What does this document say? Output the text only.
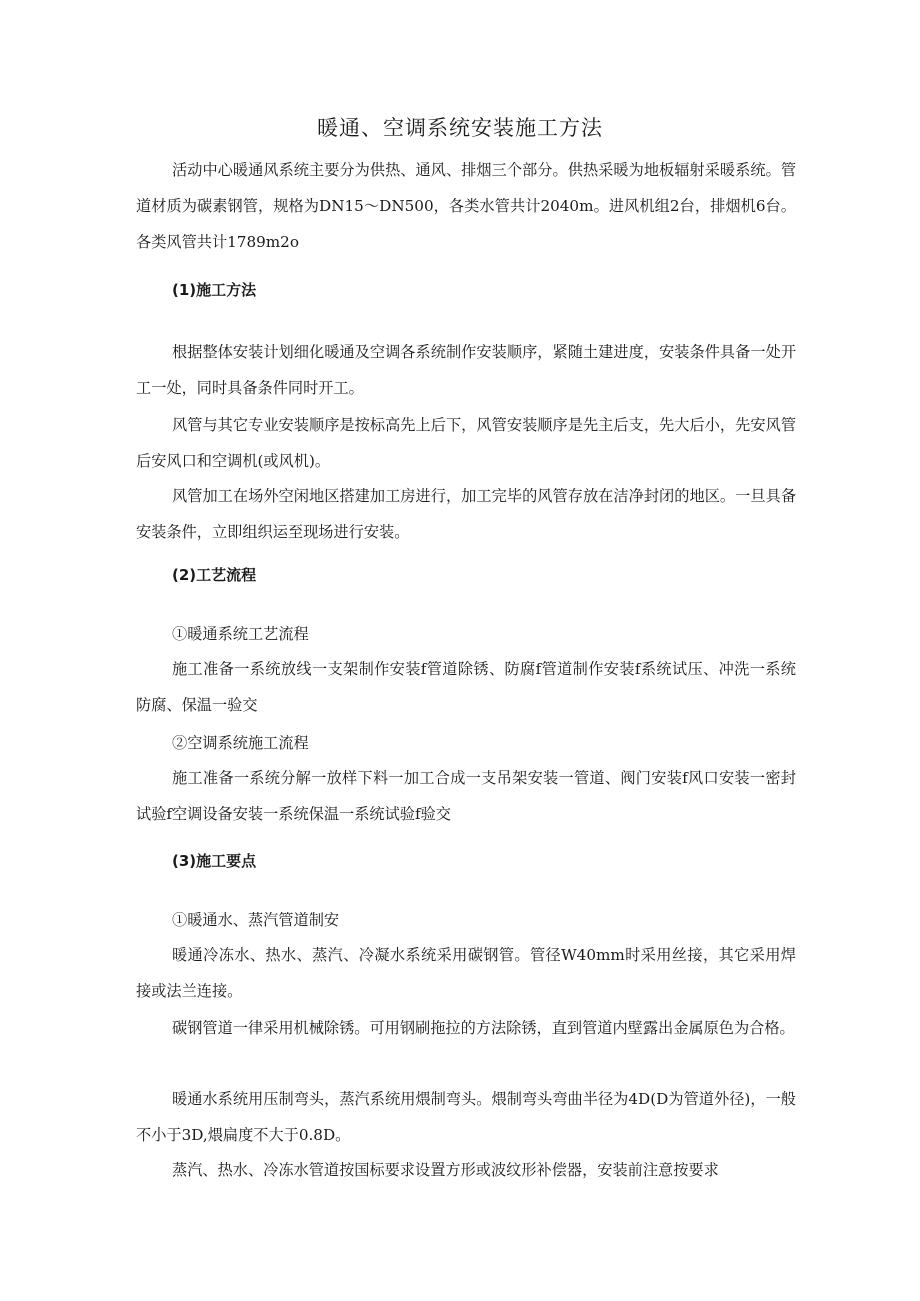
暖通、空调系统安装施工方法

活动中心暖通风系统主要分为供热、通风、排烟三个部分。供热采暖为地板辐射采暖系统。管道材质为碳素钢管，规格为DN15～DN500，各类水管共计2040m。进风机组2台，排烟机6台。各类风管共计1789m2o

(1)施工方法

根据整体安装计划细化暖通及空调各系统制作安装顺序，紧随土建进度，安装条件具备一处开工一处，同时具备条件同时开工。

风管与其它专业安装顺序是按标高先上后下，风管安装顺序是先主后支，先大后小，先安风管后安风口和空调机(或风机)。

风管加工在场外空闲地区搭建加工房进行，加工完毕的风管存放在洁净封闭的地区。一旦具备安装条件，立即组织运至现场进行安装。

(2)工艺流程
①暖通系统工艺流程

施工准备一系统放线一支架制作安装f管道除锈、防腐f管道制作安装f系统试压、冲洗一系统防腐、保温一验交

②空调系统施工流程

施工准备一系统分解一放样下料一加工合成一支吊架安装一管道、阀门安装f风口安装一密封试验f空调设备安装一系统保温一系统试验f验交

(3)施工要点
①暖通水、蒸汽管道制安

暖通冷冻水、热水、蒸汽、冷凝水系统采用碳钢管。管径W40mm时采用丝接，其它采用焊接或法兰连接。

碳钢管道一律采用机械除锈。可用钢刷拖拉的方法除锈，直到管道内壁露出金属原色为合格。

暖通水系统用压制弯头，蒸汽系统用煨制弯头。煨制弯头弯曲半径为4D(D为管道外径)，一般不小于3D,煨扁度不大于0.8D。

蒸汽、热水、冷冻水管道按国标要求设置方形或波纹形补偿器，安装前注意按要求
